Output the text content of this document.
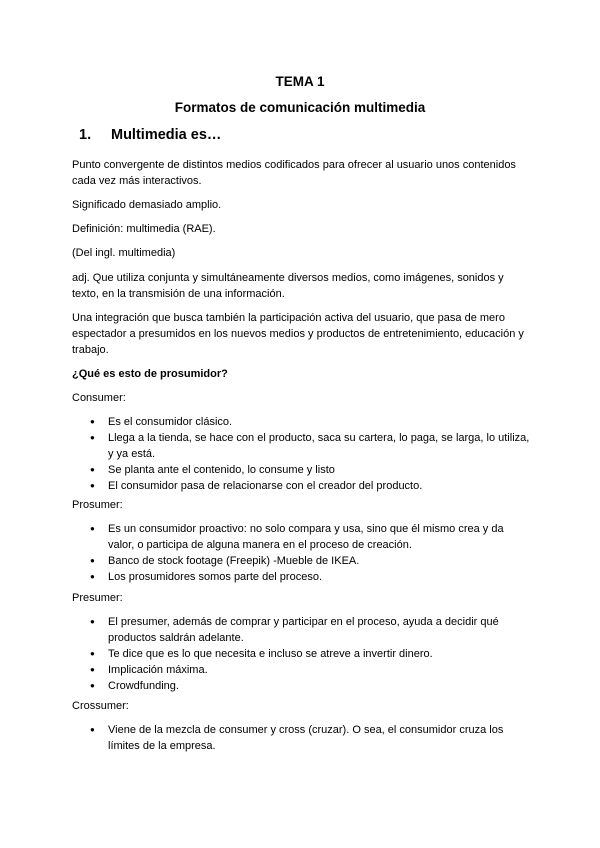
TEMA 1
Formatos de comunicación multimedia
1. Multimedia es…
Punto convergente de distintos medios codificados para ofrecer al usuario unos contenidos cada vez más interactivos.
Significado demasiado amplio.
Definición: multimedia (RAE).
(Del ingl. multimedia)
adj. Que utiliza conjunta y simultáneamente diversos medios, como imágenes, sonidos y texto, en la transmisión de una información.
Una integración que busca también la participación activa del usuario, que pasa de mero espectador a presumidos en los nuevos medios y productos de entretenimiento, educación y trabajo.
¿Qué es esto de prosumidor?
Consumer:
● Es el consumidor clásico.
● Llega a la tienda, se hace con el producto, saca su cartera, lo paga, se larga, lo utiliza, y ya está.
● Se planta ante el contenido, lo consume y listo
● El consumidor pasa de relacionarse con el creador del producto.
Prosumer:
● Es un consumidor proactivo: no solo compara y usa, sino que él mismo crea y da valor, o participa de alguna manera en el proceso de creación.
● Banco de stock footage (Freepik) -Mueble de IKEA.
● Los prosumidores somos parte del proceso.
Presumer:
● El presumer, además de comprar y participar en el proceso, ayuda a decidir qué productos saldrán adelante.
● Te dice que es lo que necesita e incluso se atreve a invertir dinero.
● Implicación máxima.
● Crowdfunding.
Crossumer:
● Viene de la mezcla de consumer y cross (cruzar). O sea, el consumidor cruza los límites de la empresa.
